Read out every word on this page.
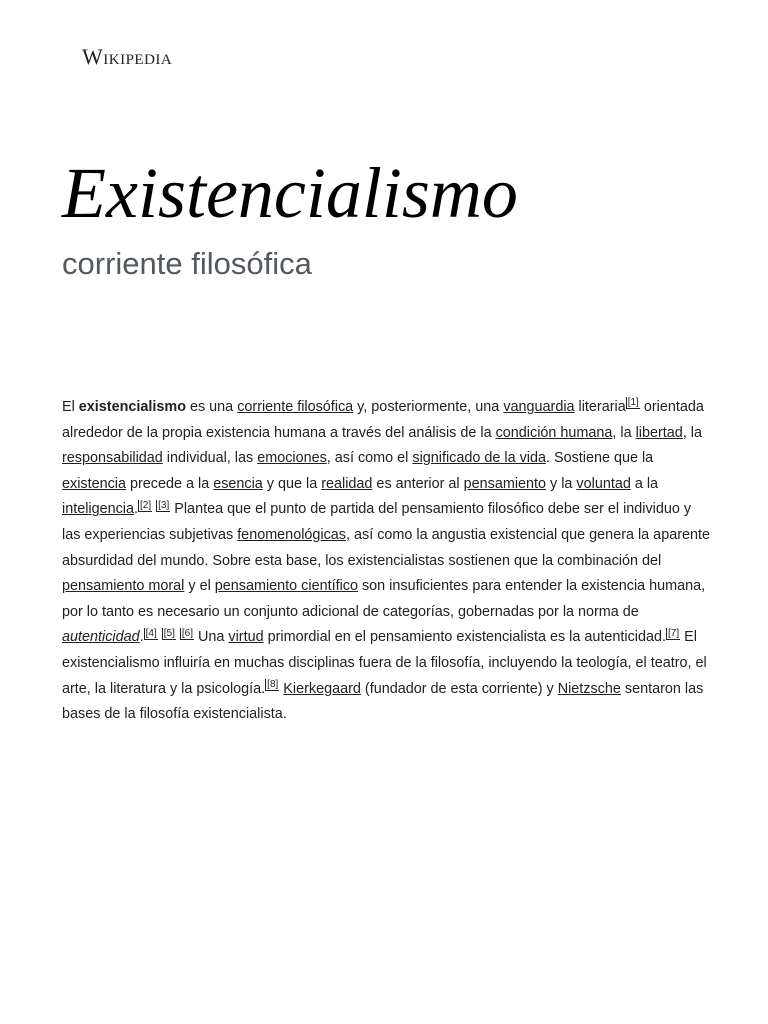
Wikipedia
Existencialismo
corriente filosófica

El existencialismo es una corriente filosófica y, posteriormente, una vanguardia literaria [1] orientada alrededor de la propia existencia humana a través del análisis de la condición humana, la libertad, la responsabilidad individual, las emociones, así como el significado de la vida. Sostiene que la existencia precede a la esencia y que la realidad es anterior al pensamiento y la voluntad a la inteligencia. [2] [3] Plantea que el punto de partida del pensamiento filosófico debe ser el individuo y las experiencias subjetivas fenomenológicas, así como la angustia existencial que genera la aparente absurdidad del mundo. Sobre esta base, los existencialistas sostienen que la combinación del pensamiento moral y el pensamiento científico son insuficientes para entender la existencia humana, por lo tanto es necesario un conjunto adicional de categorías, gobernadas por la norma de autenticidad. [4] [5] [6] Una virtud primordial en el pensamiento existencialista es la autenticidad. [7] El existencialismo influiría en muchas disciplinas fuera de la filosofía, incluyendo la teología, el teatro, el arte, la literatura y la psicología. [8] Kierkegaard (fundador de esta corriente) y Nietzsche sentaron las bases de la filosofía existencialista.
